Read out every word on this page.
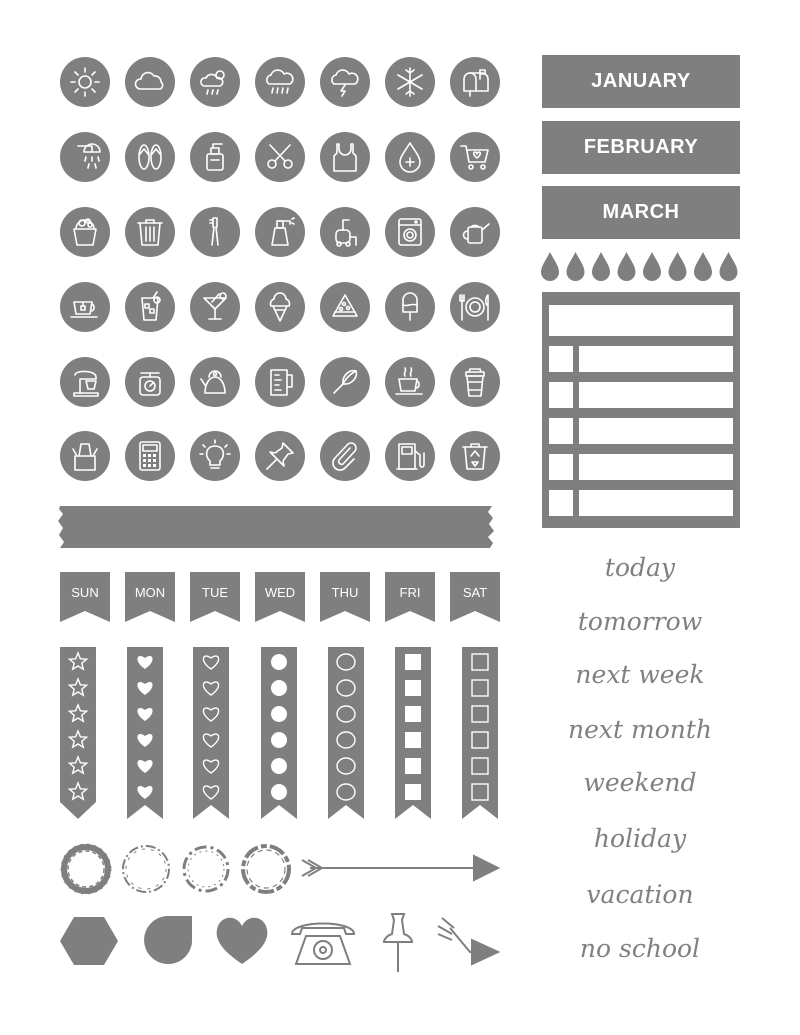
JANUARY
FEBRUARY
MARCH
SUN	MON	TUE	WED	THU	FRI	SAT
today
tomorrow
next week
next month
weekend
holiday
vacation
no school
